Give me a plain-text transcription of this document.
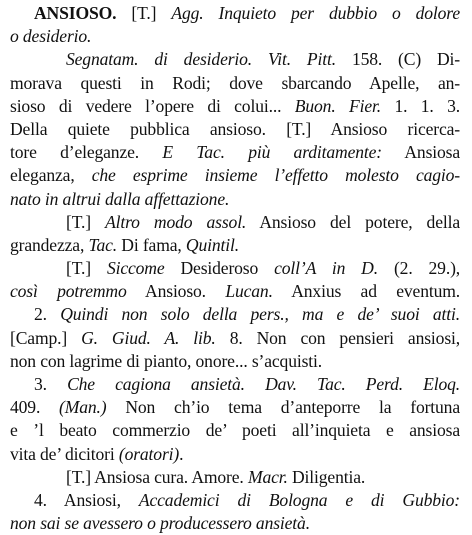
ANSIOSO. [T.] Agg. Inquieto per dubbio o dolore
o desiderio.
Segnatam. di desiderio. Vit. Pitt. 158. (C) Di-
morava questi in Rodi; dove sbarcando Apelle, an-
sioso di vedere l’opere di colui... Buon. Fier. 1. 1. 3.
Della quiete pubblica ansioso. [T.] Ansioso ricerca-
tore d’eleganze. E Tac. più arditamente: Ansiosa
eleganza, che esprime insieme l’effetto molesto cagio-
nato in altrui dalla affettazione.
[T.] Altro modo assol. Ansioso del potere, della
grandezza, Tac. Di fama, Quintil.
[T.] Siccome Desideroso coll’A in D. (2. 29.),
così potremmo Ansioso. Lucan. Anxius ad eventum.
2. Quindi non solo della pers., ma e de’ suoi atti.
[Camp.] G. Giud. A. lib. 8. Non con pensieri ansiosi,
non con lagrime di pianto, onore... s’acquisti.
3. Che cagiona ansietà. Dav. Tac. Perd. Eloq.
409. (Man.) Non ch’io tema d’anteporre la fortuna
e ’l beato commerzio de’ poeti all’inquieta e ansiosa
vita de’ dicitori (oratori).
[T.] Ansiosa cura. Amore. Macr. Diligentia.
4. Ansiosi, Accademici di Bologna e di Gubbio:
non sai se avessero o producessero ansietà.
